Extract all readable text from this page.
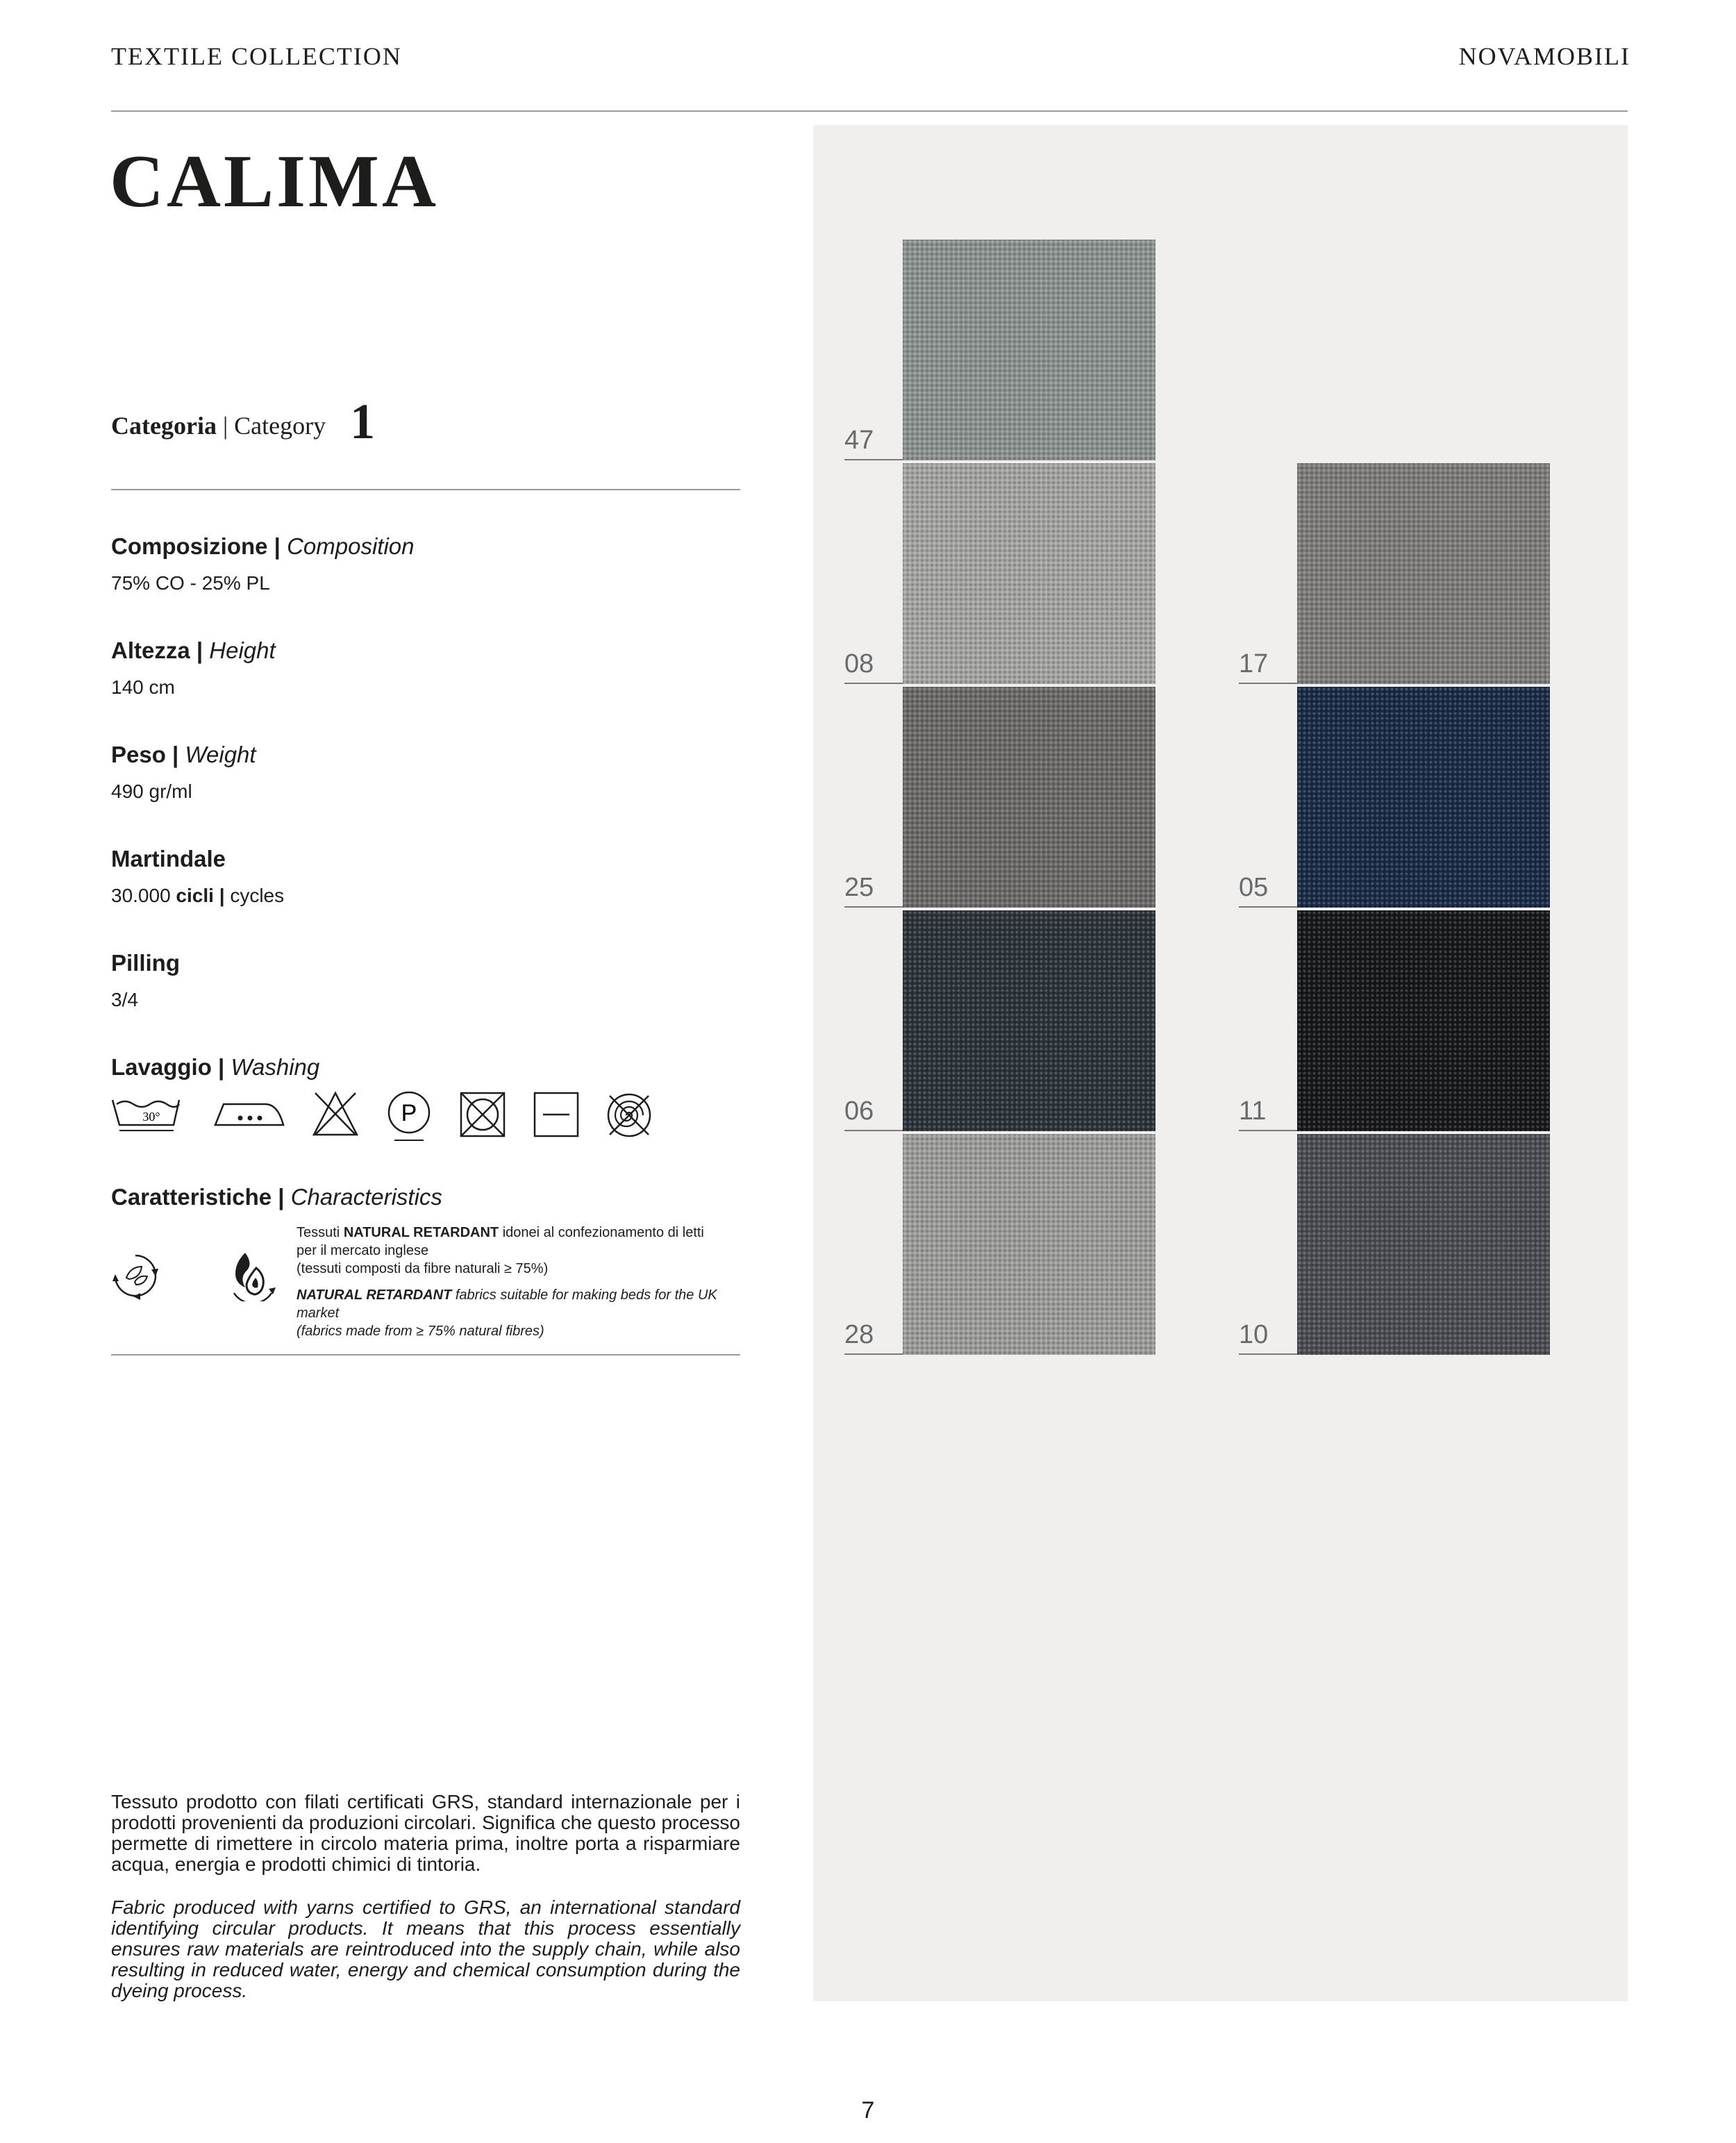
TEXTILE COLLECTION	NOVAMOBILI
CALIMA
Categoria | Category 1
Composizione | Composition
75% CO - 25% PL
Altezza | Height
140 cm
Peso | Weight
490 gr/ml
Martindale
30.000 cicli | cycles
Pilling
3/4
Lavaggio | Washing
30°	P
Caratteristiche | Characteristics

Tessuti NATURAL RETARDANT idonei al confezionamento di letti per il mercato inglese
(tessuti composti da fibre naturali ≥ 75%)

NATURAL RETARDANT fabrics suitable for making beds for the UK market
(fabrics made from ≥ 75% natural fibres)

Tessuto prodotto con filati certificati GRS, standard internazionale per i prodotti provenienti da produzioni circolari. Significa che questo processo permette di rimettere in circolo materia prima, inoltre porta a risparmiare acqua, energia e prodotti chimici di tintoria.
Fabric produced with yarns certified to GRS, an international standard identifying circular products. It means that this process essentially ensures raw materials are reintroduced into the supply chain, while also resulting in reduced water, energy and chemical consumption during the dyeing process.
47
08
25
06
28
17
05
11
10
7
